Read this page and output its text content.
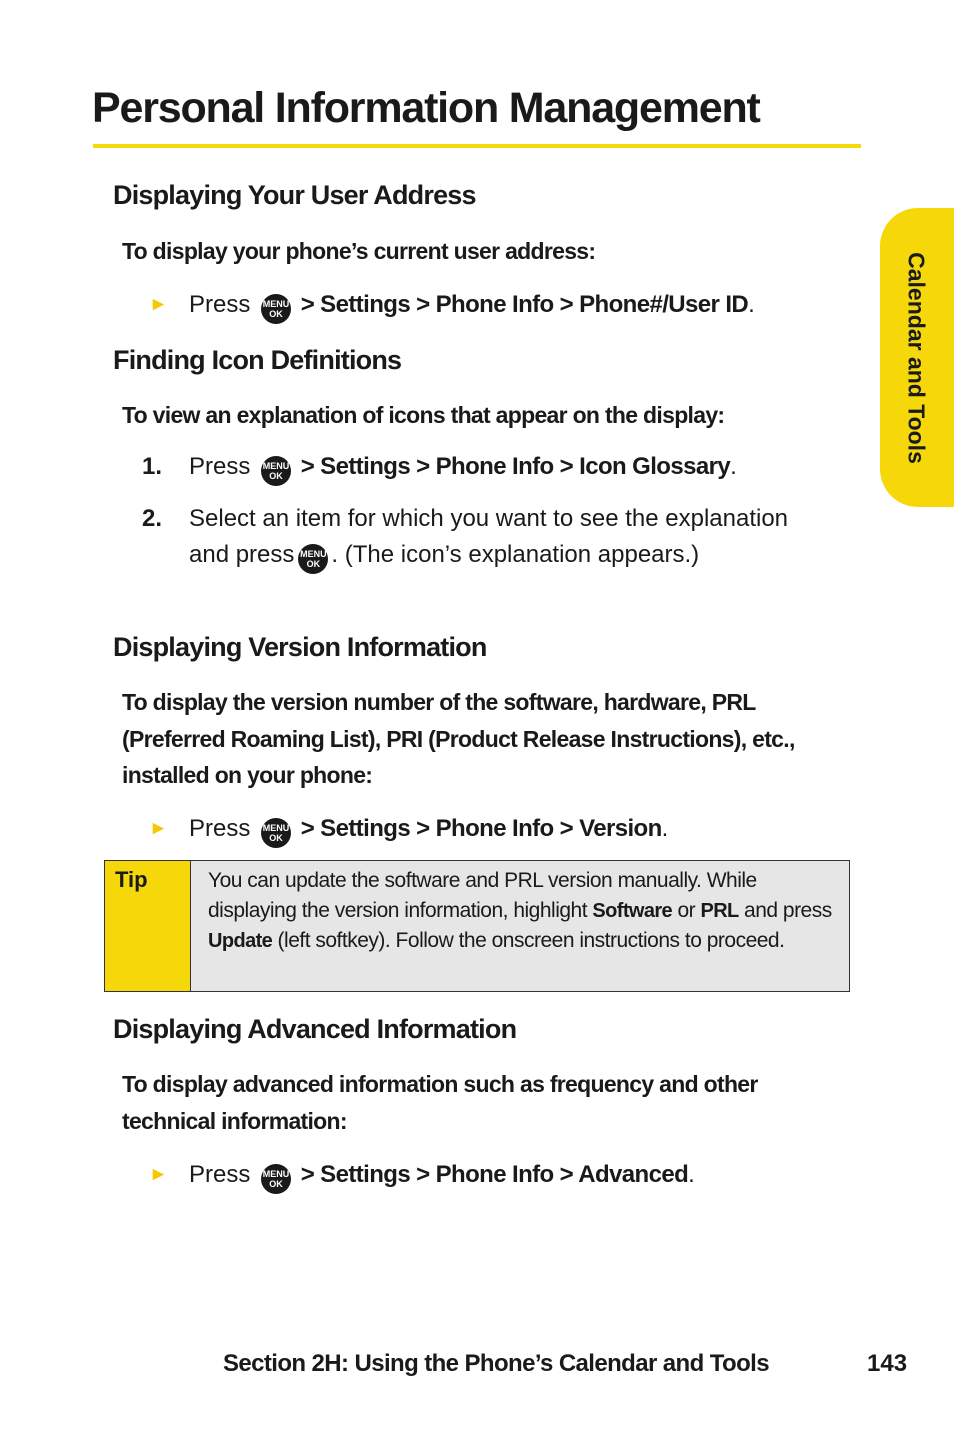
Personal Information Management
Calendar and Tools
Displaying Your User Address

To display your phone’s current user address:

► Press MENU
OK > Settings > Phone Info > Phone#/User ID.
Finding Icon Definitions

To view an explanation of icons that appear on the display:

1. Press MENU
OK > Settings > Phone Info > Icon Glossary.
2. Select an item for which you want to see the explanation and press MENU
OK . (The icon’s explanation appears.)
Displaying Version Information

To display the version number of the software, hardware, PRL (Preferred Roaming List), PRI (Product Release Instructions), etc., installed on your phone:

► Press MENU
OK > Settings > Phone Info > Version.
Tip	You can update the software and PRL version manually. While displaying the version information, highlight Software or PRL and press Update (left softkey). Follow the onscreen instructions to proceed.
Displaying Advanced Information

To display advanced information such as frequency and other technical information:

► Press MENU
OK > Settings > Phone Info > Advanced.
Section 2H: Using the Phone’s Calendar and Tools	143
